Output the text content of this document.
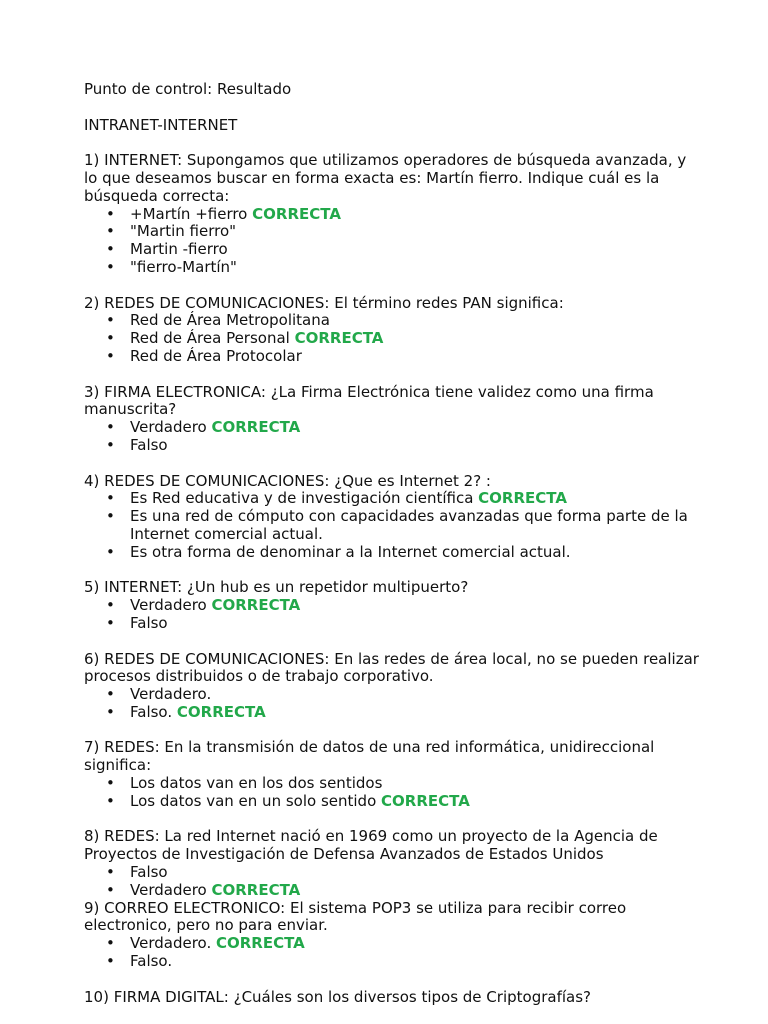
Punto de control: Resultado

INTRANET-INTERNET

1) INTERNET: Supongamos que utilizamos operadores de búsqueda avanzada, y lo que deseamos buscar en forma exacta es: Martín fierro. Indique cuál es la búsqueda correcta:

• +Martín +fierro CORRECTA
• "Martin fierro"
• Martin -fierro
• "fierro-Martín"

2) REDES DE COMUNICACIONES: El término redes PAN significa:

• Red de Área Metropolitana
• Red de Área Personal CORRECTA
• Red de Área Protocolar

3) FIRMA ELECTRONICA: ¿La Firma Electrónica tiene validez como una firma manuscrita?

• Verdadero CORRECTA
• Falso

4) REDES DE COMUNICACIONES: ¿Que es Internet 2? :

• Es Red educativa y de investigación científica CORRECTA
• Es una red de cómputo con capacidades avanzadas que forma parte de la Internet comercial actual.
• Es otra forma de denominar a la Internet comercial actual.

5) INTERNET: ¿Un hub es un repetidor multipuerto?

• Verdadero CORRECTA
• Falso

6) REDES DE COMUNICACIONES: En las redes de área local, no se pueden realizar procesos distribuidos o de trabajo corporativo.

• Verdadero.
• Falso. CORRECTA

7) REDES: En la transmisión de datos de una red informática, unidireccional significa:

• Los datos van en los dos sentidos
• Los datos van en un solo sentido CORRECTA

8) REDES: La red Internet nació en 1969 como un proyecto de la Agencia de Proyectos de Investigación de Defensa Avanzados de Estados Unidos

• Falso
• Verdadero CORRECTA

9) CORREO ELECTRONICO: El sistema POP3 se utiliza para recibir correo electronico, pero no para enviar.

• Verdadero. CORRECTA
• Falso.

10) FIRMA DIGITAL: ¿Cuáles son los diversos tipos de Criptografías?
